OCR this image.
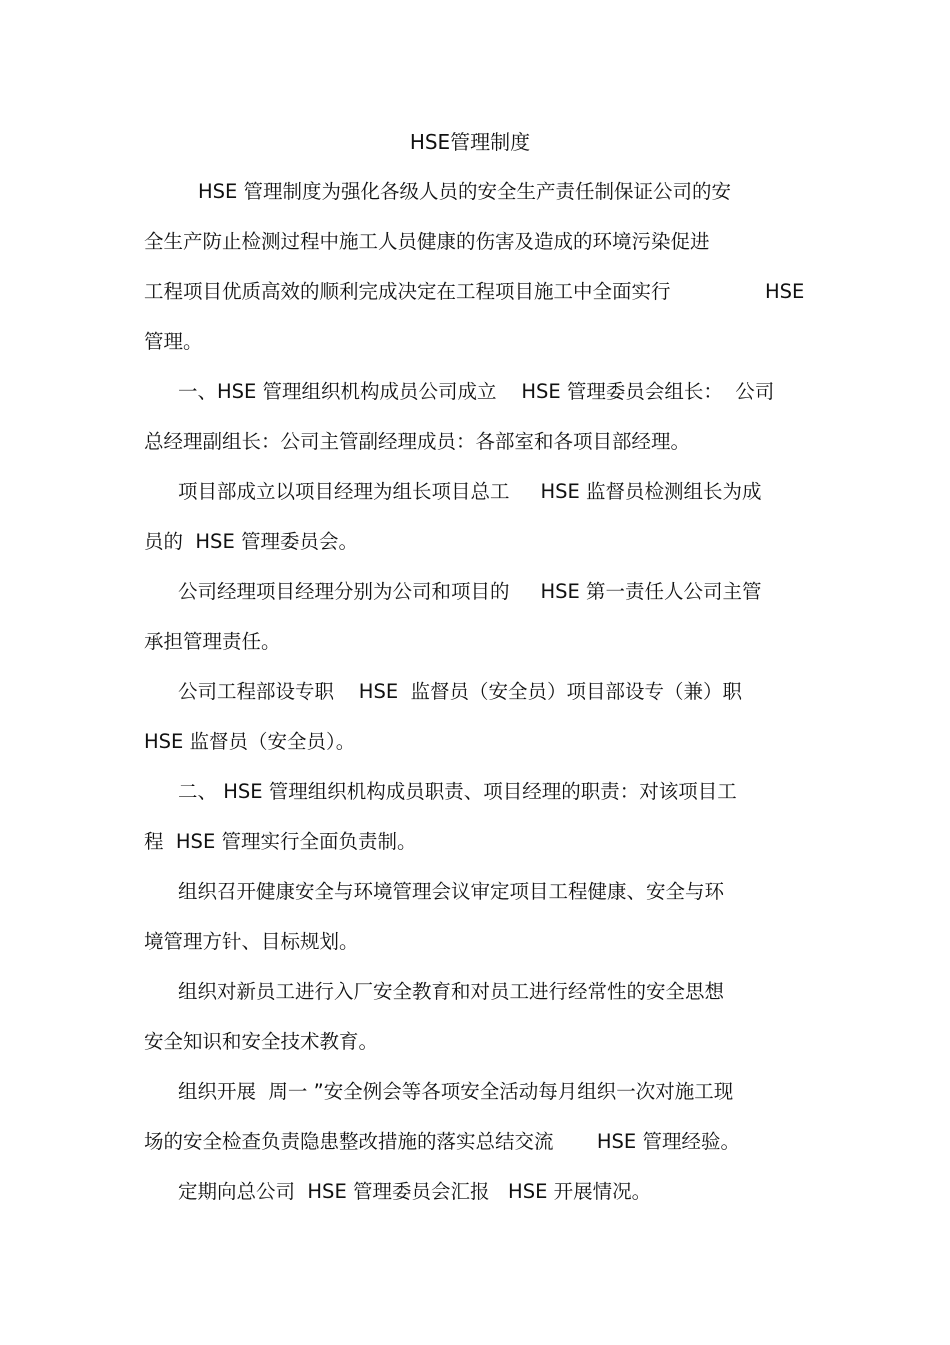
HSE管理制度
HSE 管理制度为强化各级人员的安全生产责任制保证公司的安
全生产防止检测过程中施工人员健康的伤害及造成的环境污染促进
工程项目优质高效的顺利完成决定在工程项目施工中全面实行	HSE
管理。
一、HSE 管理组织机构成员公司成立    HSE 管理委员会组长：  公司
总经理副组长：公司主管副经理成员：各部室和各项目部经理。
项目部成立以项目经理为组长项目总工     HSE 监督员检测组长为成
员的  HSE 管理委员会。
公司经理项目经理分别为公司和项目的     HSE 第一责任人公司主管
承担管理责任。
公司工程部设专职    HSE  监督员（安全员）项目部设专（兼）职
HSE 监督员（安全员）。
二、 HSE 管理组织机构成员职责、项目经理的职责：对该项目工
程  HSE 管理实行全面负责制。
组织召开健康安全与环境管理会议审定项目工程健康、安全与环
境管理方针、目标规划。
组织对新员工进行入厂安全教育和对员工进行经常性的安全思想
安全知识和安全技术教育。
组织开展  周一 ”安全例会等各项安全活动每月组织一次对施工现
场的安全检查负责隐患整改措施的落实总结交流       HSE 管理经验。
定期向总公司  HSE 管理委员会汇报   HSE 开展情况。
